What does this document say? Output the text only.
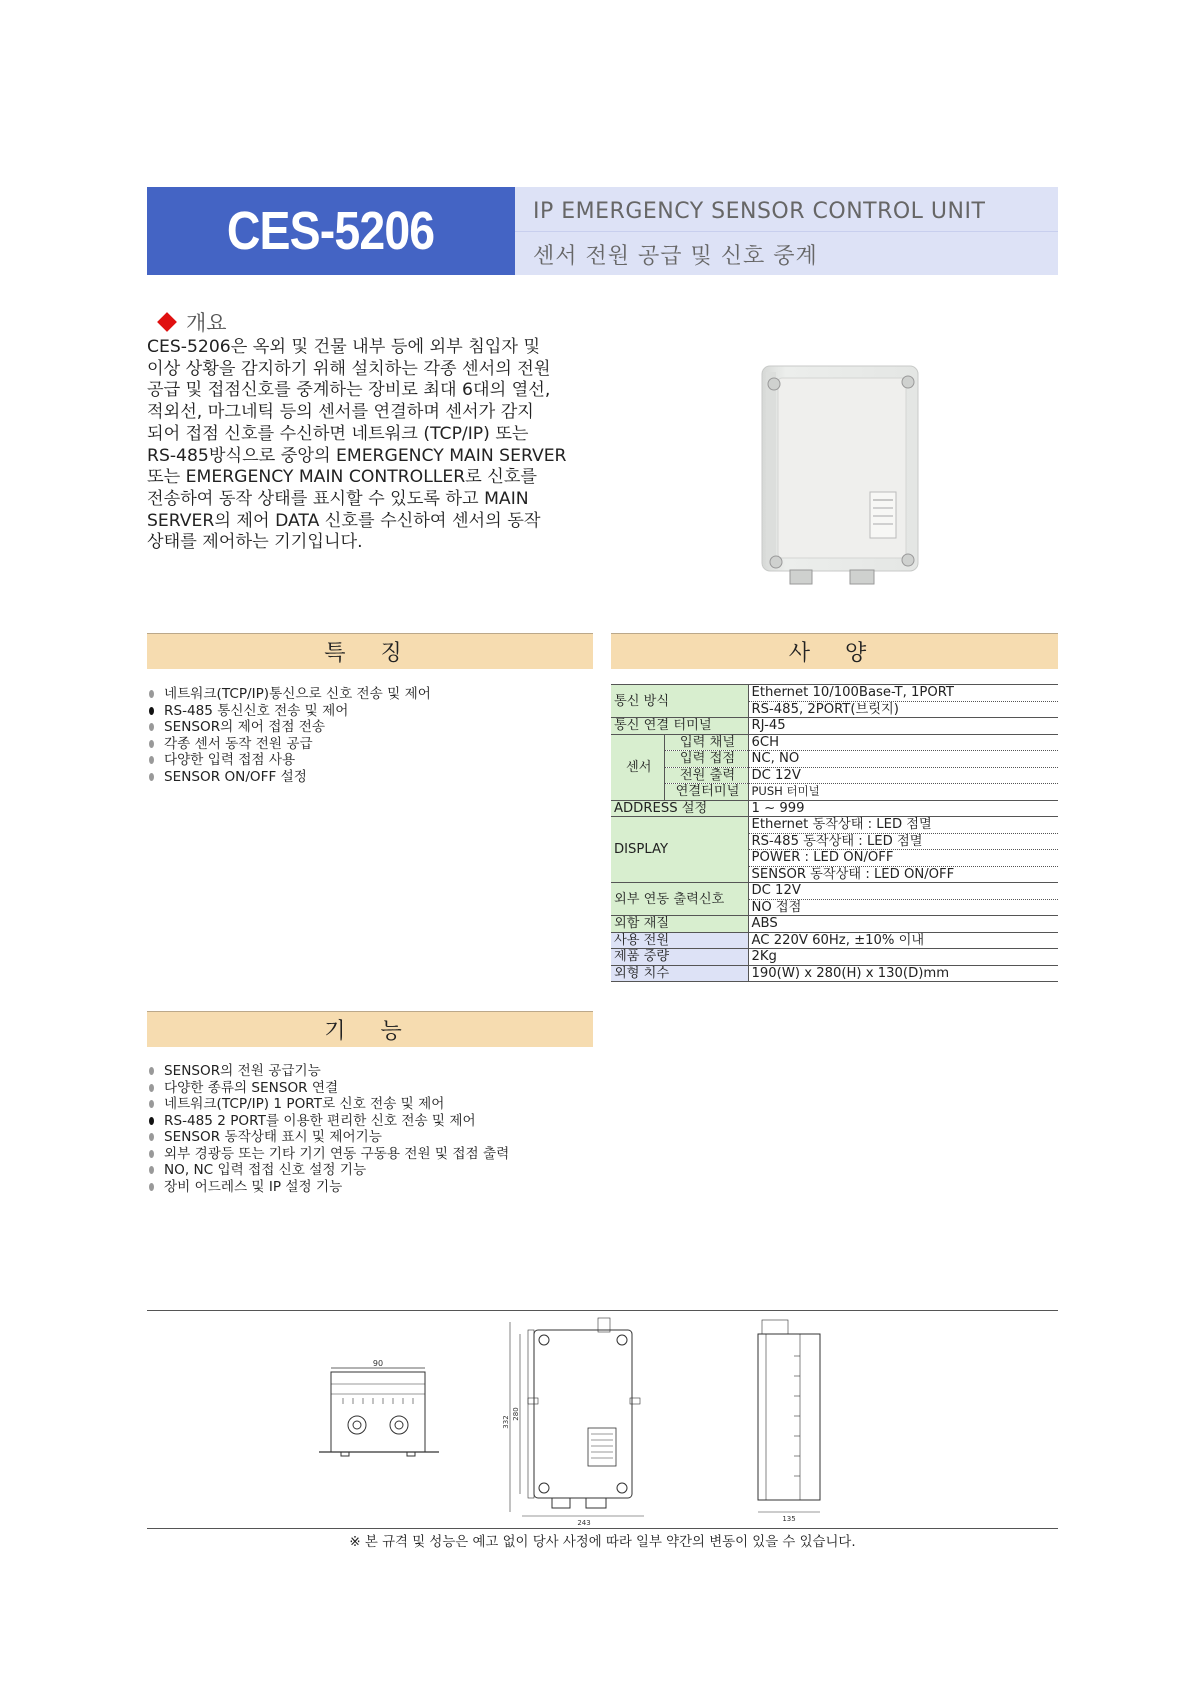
CES-5206	IP EMERGENCY SENSOR CONTROL UNIT
센서 전원 공급 및 신호 중계
개요
CES-5206은 옥외 및 건물 내부 등에 외부 침입자 및
이상 상황을 감지하기 위해 설치하는 각종 센서의 전원
공급 및 접점신호를 중계하는 장비로 최대 6대의 열선,
적외선, 마그네틱 등의 센서를 연결하며 센서가 감지
되어 접점 신호를 수신하면 네트워크 (TCP/IP) 또는
RS-485방식으로 중앙의 EMERGENCY MAIN SERVER
또는 EMERGENCY MAIN CONTROLLER로 신호를
전송하여 동작 상태를 표시할 수 있도록 하고 MAIN
SERVER의 제어 DATA 신호를 수신하여 센서의 동작
상태를 제어하는 기기입니다.
특 징
네트워크(TCP/IP)통신으로 신호 전송 및 제어
RS-485 통신신호 전송 및 제어
SENSOR의 제어 접점 전송
각종 센서 동작 전원 공급
다양한 입력 접점 사용
SENSOR ON/OFF 설정
사 양
통신 방식		Ethernet 10/100Base-T, 1PORT
		RS-485, 2PORT(브릿지)
통신 연결 터미널		RJ-45
센서	입력 채널	6CH
	입력 접점	NC, NO
	전원 출력	DC 12V
	연결터미널	PUSH 터미널
ADDRESS 설정		1 ~ 999
DISPLAY		Ethernet 동작상태 : LED 점멸
		RS-485 동작상태 : LED 점멸
		POWER : LED ON/OFF
		SENSOR 동작상태 : LED ON/OFF
외부 연동 출력신호		DC 12V
		NO 접점
외함 재질		ABS
사용 전원		AC 220V 60Hz, ±10% 이내
제품 중량		2Kg
외형 치수		190(W) x 280(H) x 130(D)mm
기 능
SENSOR의 전원 공급기능
다양한 종류의 SENSOR 연결
네트워크(TCP/IP) 1 PORT로 신호 전송 및 제어
RS-485 2 PORT를 이용한 편리한 신호 전송 및 제어
SENSOR 동작상태 표시 및 제어기능
외부 경광등 또는 기타 기기 연동 구동용 전원 및 접점 출력
NO, NC 입력 접접 신호 설정 기능
장비 어드레스 및 IP 설정 기능
90
332
280
243	135
※ 본 규격 및 성능은 예고 없이 당사 사정에 따라 일부 약간의 변동이 있을 수 있습니다.
